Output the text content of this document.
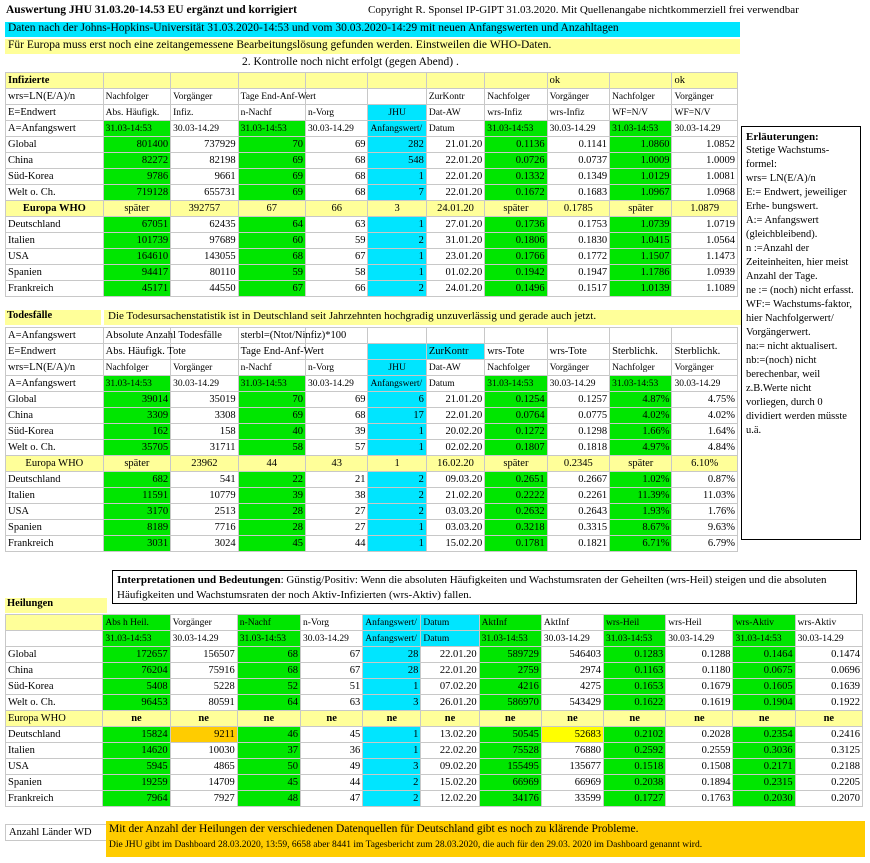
Auswertung JHU 31.03.20-14.53 EU ergänzt und korrigiert	Copyright R. Sponsel IP-GIPT 31.03.2020. Mit Quellenangabe nichtkommerziell frei verwendbar
Daten nach der Johns-Hopkins-Universität 31.03.2020-14:53 und vom 30.03.2020-14:29 mit neuen Anfangswerten und Anzahltagen
Für Europa muss erst noch eine zeitangemessene Bearbeitungslösung gefunden werden. Einstweilen die WHO-Daten.
2. Kontrolle noch nicht erfolgt (gegen Abend) .
Infizierte								ok		ok
wrs=LN(E/A)/n	Nachfolger	Vorgänger	Tage End-Anf-Wert			ZurKontr	Nachfolger	Vorgänger	Nachfolger	Vorgänger
E=Endwert	Abs. Häufigk.	Infiz.	n-Nachf	n-Vorg	JHU	Dat-AW	wrs-Infiz	wrs-Infiz	WF=N/V	WF=N/V
A=Anfangswert	31.03-14:53	30.03-14.29	31.03-14:53	30.03-14.29	Anfangswert/	Datum	31.03-14:53	30.03-14.29	31.03-14:53	30.03-14.29
Global	801400	737929	70	69	282	21.01.20	0.1136	0.1141	1.0860	1.0852
China	82272	82198	69	68	548	22.01.20	0.0726	0.0737	1.0009	1.0009
Süd-Korea	9786	9661	69	68	1	22.01.20	0.1332	0.1349	1.0129	1.0081
Welt o. Ch.	719128	655731	69	68	7	22.01.20	0.1672	0.1683	1.0967	1.0968
Europa WHO	später	392757	67	66	3	24.01.20	später	0.1785	später	1.0879
Deutschland	67051	62435	64	63	1	27.01.20	0.1736	0.1753	1.0739	1.0719
Italien	101739	97689	60	59	2	31.01.20	0.1806	0.1830	1.0415	1.0564
USA	164610	143055	68	67	1	23.01.20	0.1766	0.1772	1.1507	1.1473
Spanien	94417	80110	59	58	1	01.02.20	0.1942	0.1947	1.1786	1.0939
Frankreich	45171	44550	67	66	2	24.01.20	0.1496	0.1517	1.0139	1.1089
Todesfälle	Die Todesursachenstatistik ist in Deutschland seit Jahrzehnten hochgradig unzuverlässig und gerade auch jetzt.
A=Anfangswert	Absolute Anzahl Todesfälle		sterbl=(Ntot/Ninfiz)*100							
E=Endwert	Abs. Häufigk. Tote		Tage End-Anf-Wert			ZurKontr	wrs-Tote	wrs-Tote	Sterblichk.	Sterblichk.
wrs=LN(E/A)/n	Nachfolger	Vorgänger	n-Nachf	n-Vorg	JHU	Dat-AW	Nachfolger	Vorgänger	Nachfolger	Vorgänger
A=Anfangswert	31.03-14:53	30.03-14.29	31.03-14:53	30.03-14.29	Anfangswert/	Datum	31.03-14:53	30.03-14.29	31.03-14:53	30.03-14.29
Global	39014	35019	70	69	6	21.01.20	0.1254	0.1257	4.87%	4.75%
China	3309	3308	69	68	17	22.01.20	0.0764	0.0775	4.02%	4.02%
Süd-Korea	162	158	40	39	1	20.02.20	0.1272	0.1298	1.66%	1.64%
Welt o. Ch.	35705	31711	58	57	1	02.02.20	0.1807	0.1818	4.97%	4.84%
Europa WHO	später	23962	44	43	1	16.02.20	später	0.2345	später	6.10%
Deutschland	682	541	22	21	2	09.03.20	0.2651	0.2667	1.02%	0.87%
Italien	11591	10779	39	38	2	21.02.20	0.2222	0.2261	11.39%	11.03%
USA	3170	2513	28	27	2	03.03.20	0.2632	0.2643	1.93%	1.76%
Spanien	8189	7716	28	27	1	03.03.20	0.3218	0.3315	8.67%	9.63%
Frankreich	3031	3024	45	44	1	15.02.20	0.1781	0.1821	6.71%	6.79%
Erläuterungen:
Stetige Wachstums-formel:
wrs= LN(E/A)/n
E:= Endwert, jeweiliger Erhe- bungswert.
A:= Anfangswert (gleichbleibend).
n :=Anzahl der Zeiteinheiten, hier meist Anzahl der Tage.
ne := (noch) nicht erfasst.
WF:= Wachstums-faktor, hier Nachfolgerwert/ Vorgängerwert.
na:= nicht aktualisert.
nb:=(noch) nicht berechenbar, weil z.B.Werte nicht vorliegen, durch 0 dividiert werden müsste u.ä.
Interpretationen und Bedeutungen: Günstig/Positiv: Wenn die absoluten Häufigkeiten und Wachstumsraten der Geheilten (wrs-Heil) steigen und die absoluten Häufigkeiten und Wachstumsraten der noch Aktiv-Infizierten (wrs-Aktiv) fallen.
Heilungen
	Abs h Heil.	Vorgänger	n-Nachf	n-Vorg	Anfangswert/	Datum	AktInf	AktInf	wrs-Heil	wrs-Heil	wrs-Aktiv	wrs-Aktiv
	31.03-14:53	30.03-14.29	31.03-14:53	30.03-14.29	Anfangswert/	Datum	31.03-14:53	30.03-14.29	31.03-14:53	30.03-14.29	31.03-14:53	30.03-14.29
Global	172657	156507	68	67	28	22.01.20	589729	546403	0.1283	0.1288	0.1464	0.1474
China	76204	75916	68	67	28	22.01.20	2759	2974	0.1163	0.1180	0.0675	0.0696
Süd-Korea	5408	5228	52	51	1	07.02.20	4216	4275	0.1653	0.1679	0.1605	0.1639
Welt o. Ch.	96453	80591	64	63	3	26.01.20	586970	543429	0.1622	0.1619	0.1904	0.1922
Europa WHO	ne	ne	ne	ne	ne	ne	ne	ne	ne	ne	ne	ne
Deutschland	15824	9211	46	45	1	13.02.20	50545	52683	0.2102	0.2028	0.2354	0.2416
Italien	14620	10030	37	36	1	22.02.20	75528	76880	0.2592	0.2559	0.3036	0.3125
USA	5945	4865	50	49	3	09.02.20	155495	135677	0.1518	0.1508	0.2171	0.2188
Spanien	19259	14709	45	44	2	15.02.20	66969	66969	0.2038	0.1894	0.2315	0.2205
Frankreich	7964	7927	48	47	2	12.02.20	34176	33599	0.1727	0.1763	0.2030	0.2070
Anzahl Länder WD	Mit der Anzahl der Heilungen der verschiedenen Datenquellen für Deutschland gibt es noch zu klärende Probleme.
Die JHU gibt im Dashboard 28.03.2020, 13:59, 6658 aber 8441 im Tagesbericht zum 28.03.2020, die auch für den 29.03. 2020 im Dashboard genannt wird.
